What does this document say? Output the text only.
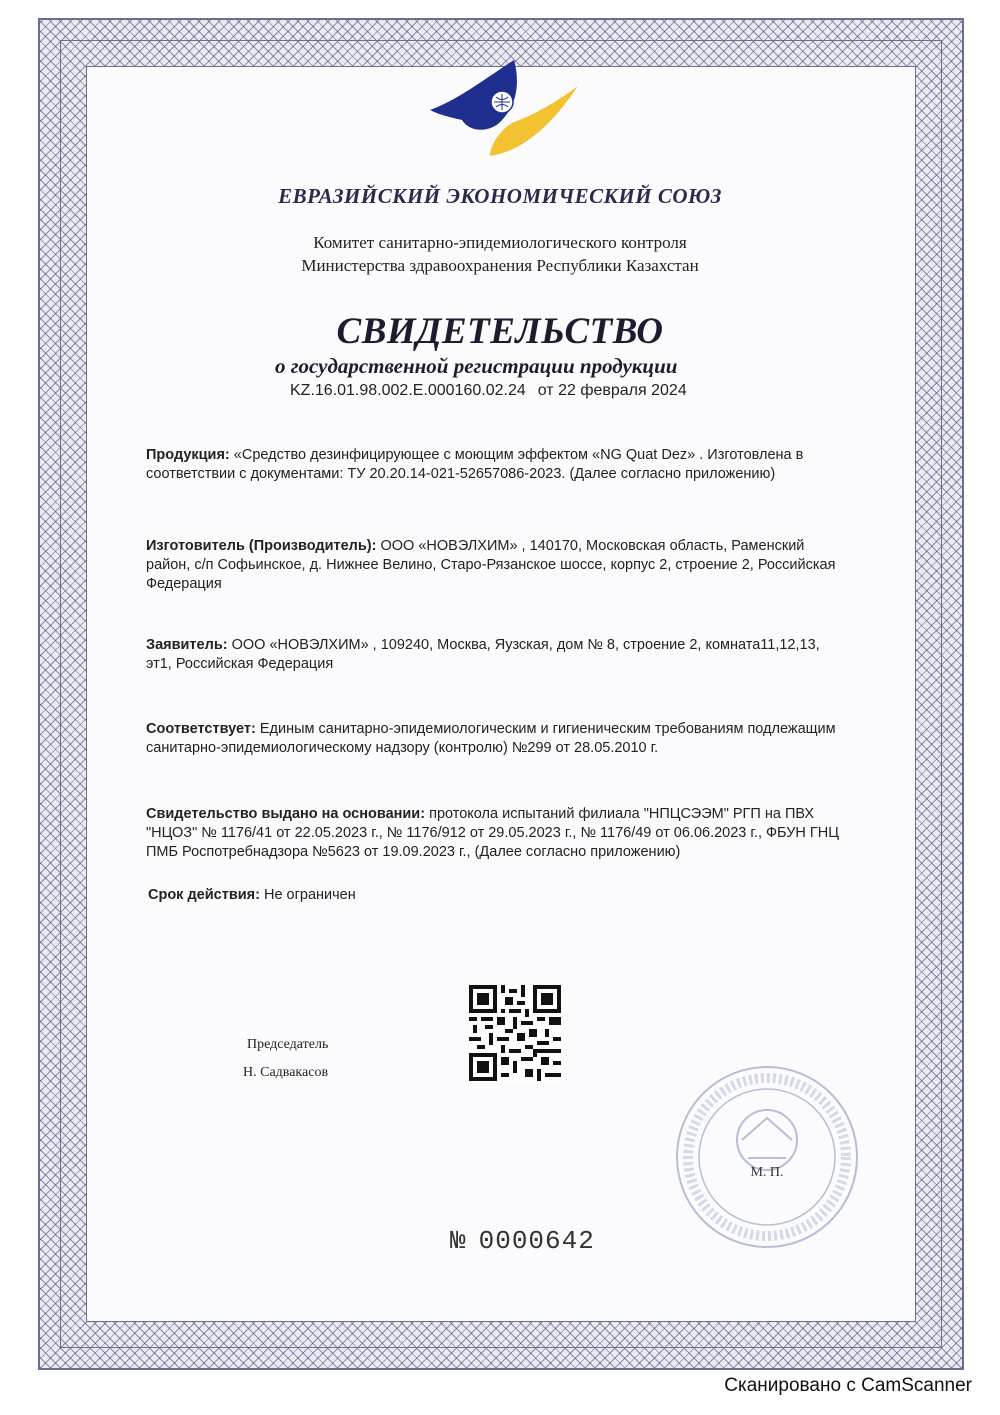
ЕВРАЗИЙСКИЙ ЭКОНОМИЧЕСКИЙ СОЮЗ
Комитет санитарно-эпидемиологического контроля
Министерства здравоохранения Республики Казахстан
СВИДЕТЕЛЬСТВО
о государственной регистрации продукции
KZ.16.01.98.002.E.000160.02.24 от 22 февраля 2024
Продукция: «Средство дезинфицирующее с моющим эффектом «NG Quat Dez» . Изготовлена в соответствии с документами: ТУ 20.20.14-021-52657086-2023. (Далее согласно приложению)
Изготовитель (Производитель): ООО «НОВЭЛХИМ» , 140170, Московская область, Раменский район, с/п Софьинское, д. Нижнее Велино, Старо-Рязанское шоссе, корпус 2, строение 2, Российская Федерация
Заявитель: ООО «НОВЭЛХИМ» , 109240, Москва, Яузская, дом № 8, строение 2, комната11,12,13, эт1, Российская Федерация
Соответствует: Единым санитарно-эпидемиологическим и гигиеническим требованиям подлежащим санитарно-эпидемиологическому надзору (контролю) №299 от 28.05.2010 г.
Свидетельство выдано на основании: протокола испытаний филиала "НПЦСЭЭМ" РГП на ПВХ "НЦОЗ" № 1176/41 от 22.05.2023 г., № 1176/912 от 29.05.2023 г., № 1176/49 от 06.06.2023 г., ФБУН ГНЦ ПМБ Роспотребнадзора №5623 от 19.09.2023 г., (Далее согласно приложению)
Срок действия: Не ограничен
Председатель
Н. Садвакасов
М. П.
№ 0000642
Сканировано с CamScanner
